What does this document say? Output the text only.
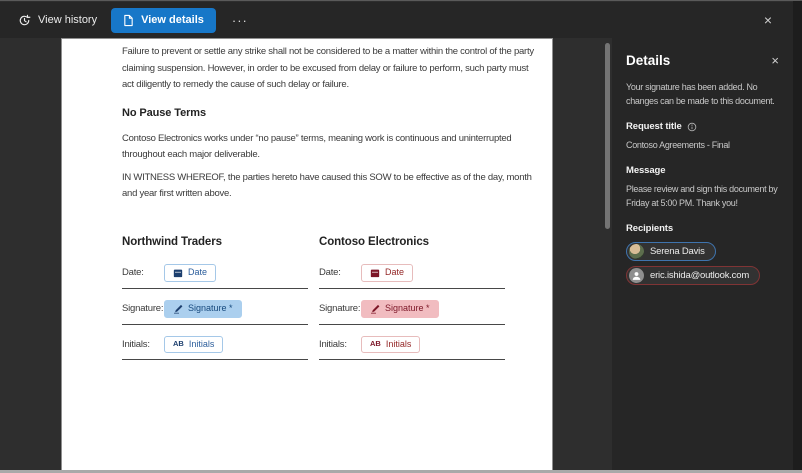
View history	View details ···	×

Failure to prevent or settle any strike shall not be considered to be a matter within the control of the party claiming suspension. However, in order to be excused from delay or failure to perform, such party must act diligently to remedy the cause of such delay or failure.

No Pause Terms

Contoso Electronics works under “no pause” terms, meaning work is continuous and uninterrupted throughout each major deliverable.

IN WITNESS WHEREOF, the parties hereto have caused this SOW to be effective as of the day, month and year first written above.

Northwind Traders
Date:	Date
Signature:	Signature *
Initials:	AB Initials
Contoso Electronics
Date:	Date
Signature:	Signature *
Initials:	AB Initials
Details	×

Your signature has been added. No changes can be made to this document.

Request title

Contoso Agreements - Final

Message

Please review and sign this document by Friday at 5:00 PM. Thank you!

Recipients
Serena Davis
eric.ishida@outlook.com
